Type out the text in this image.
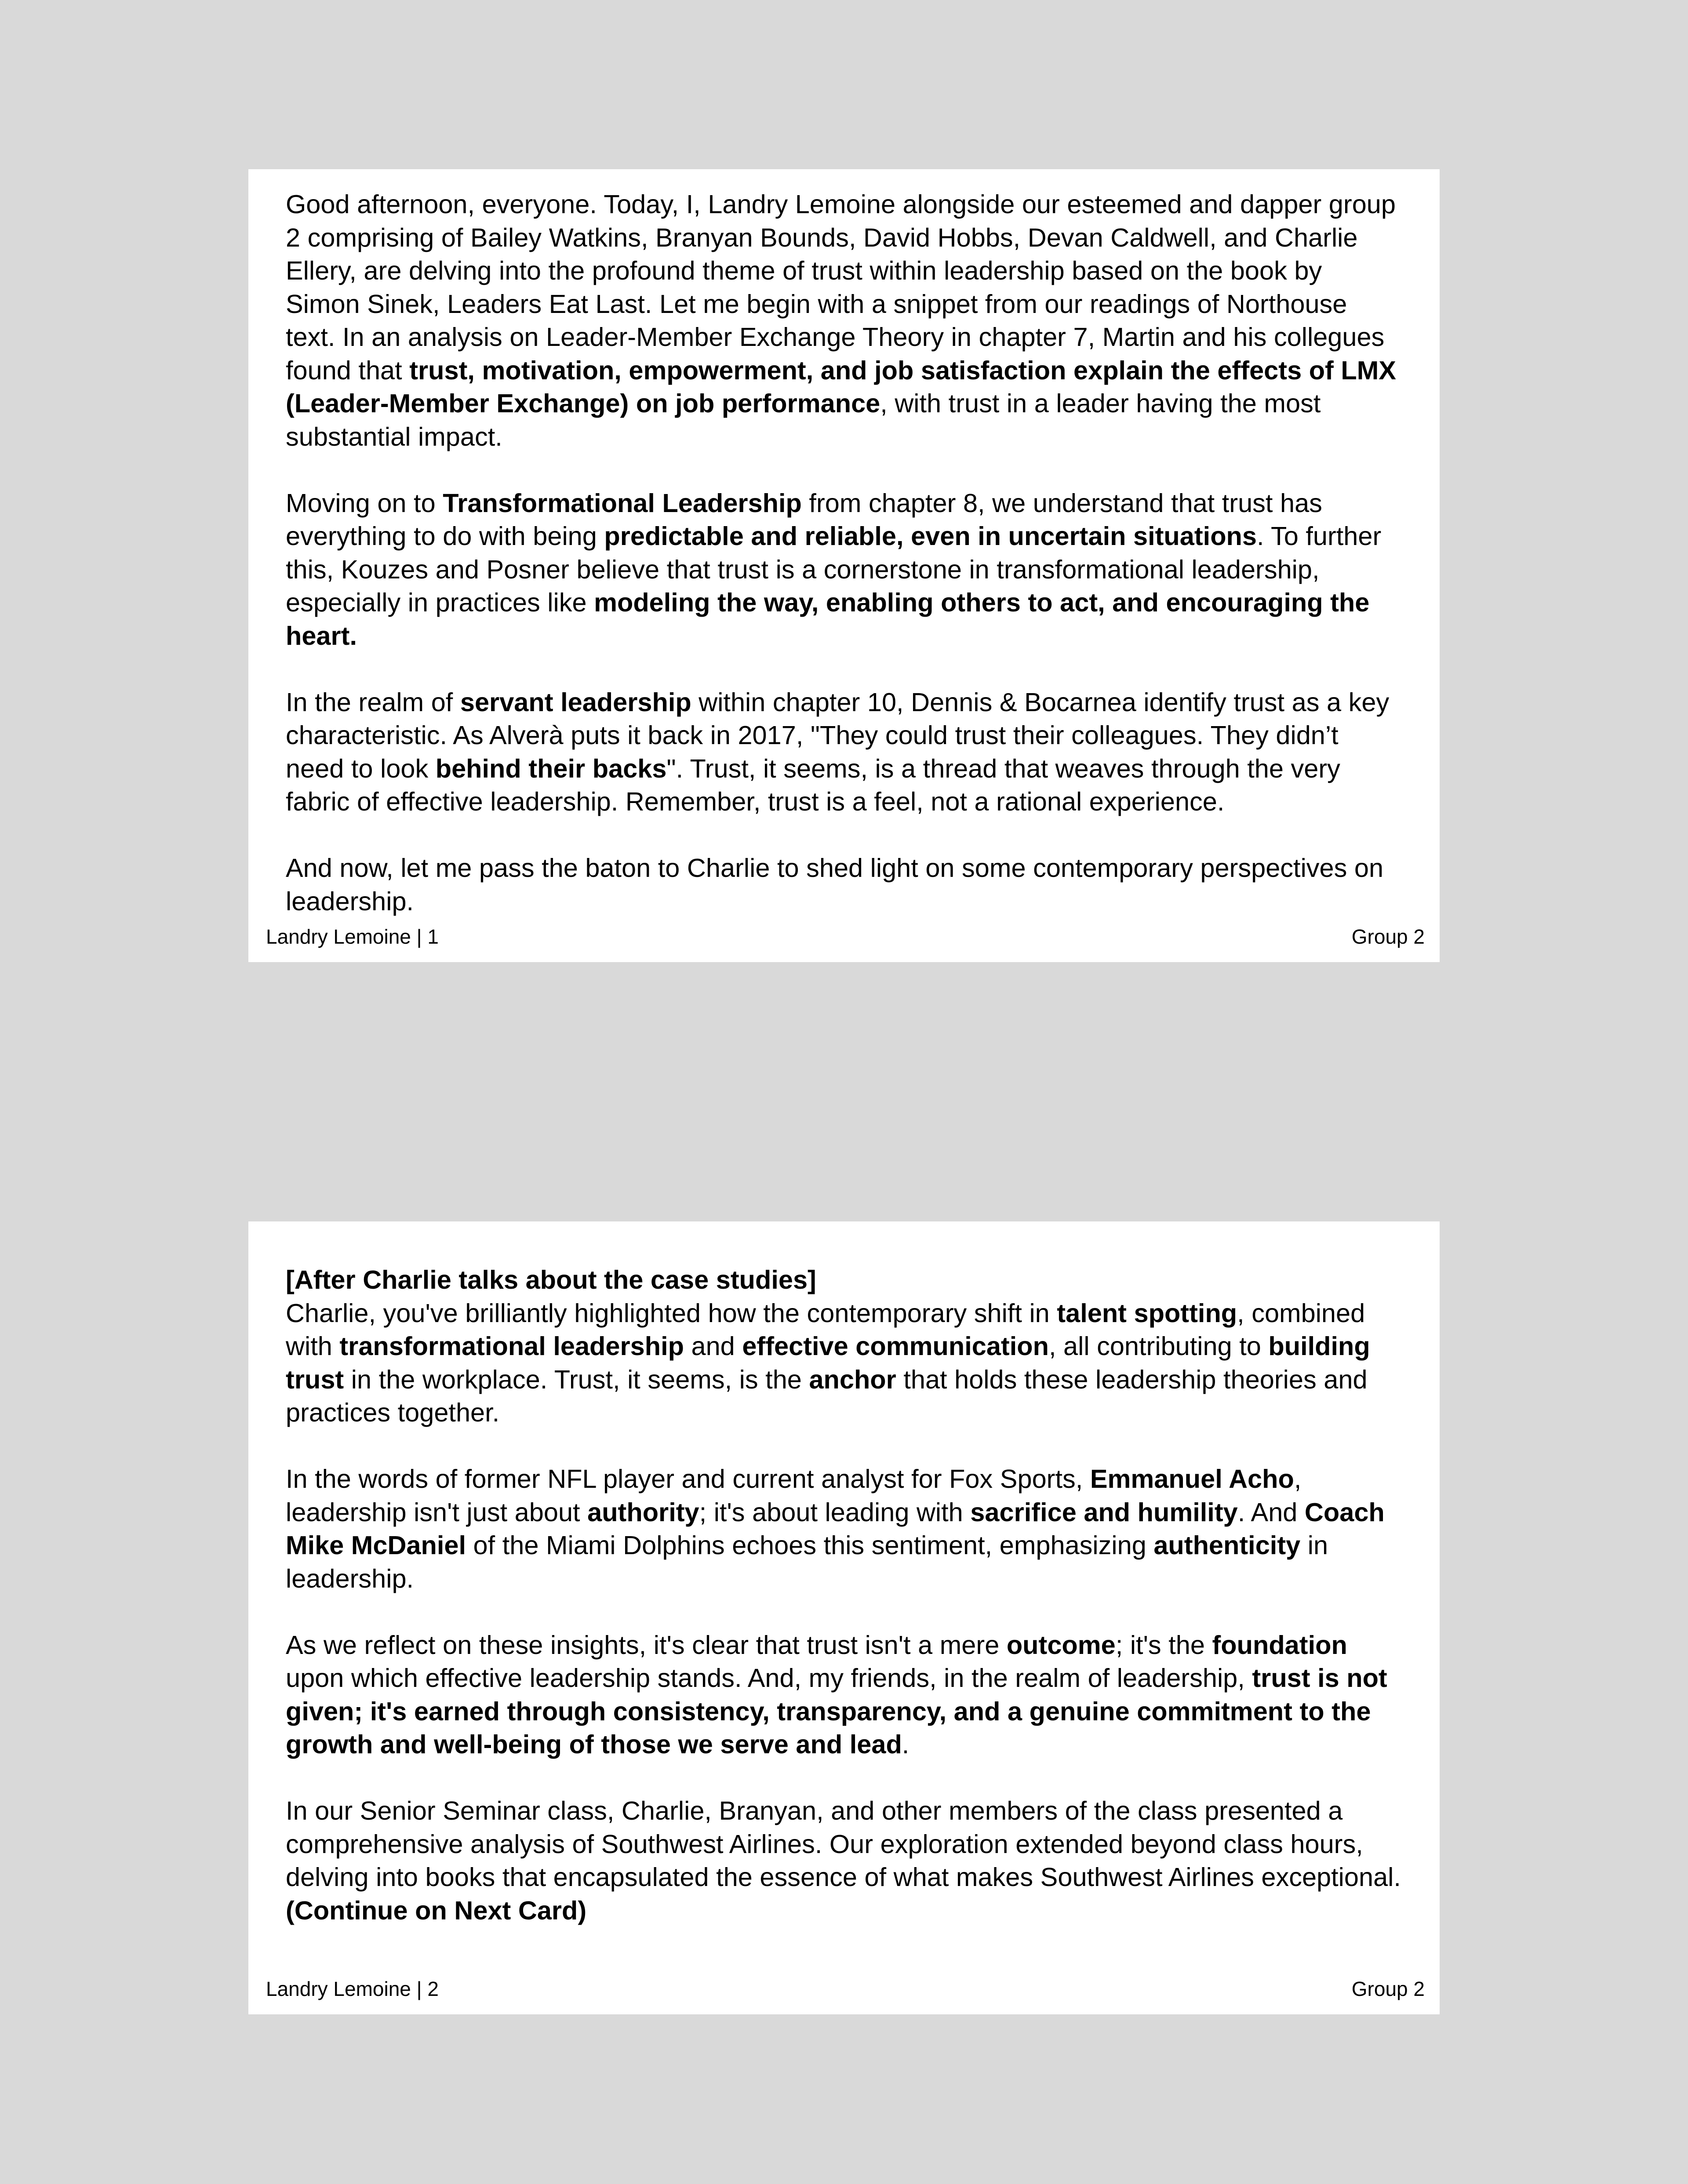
Good afternoon, everyone. Today, I, Landry Lemoine alongside our esteemed and dapper group 2 comprising of Bailey Watkins, Branyan Bounds, David Hobbs, Devan Caldwell, and Charlie Ellery, are delving into the profound theme of trust within leadership based on the book by Simon Sinek, Leaders Eat Last. Let me begin with a snippet from our readings of Northouse text. In an analysis on Leader-Member Exchange Theory in chapter 7, Martin and his collegues found that trust, motivation, empowerment, and job satisfaction explain the effects of LMX (Leader-Member Exchange) on job performance, with trust in a leader having the most substantial impact.

Moving on to Transformational Leadership from chapter 8, we understand that trust has everything to do with being predictable and reliable, even in uncertain situations. To further this, Kouzes and Posner believe that trust is a cornerstone in transformational leadership, especially in practices like modeling the way, enabling others to act, and encouraging the heart.

In the realm of servant leadership within chapter 10, Dennis & Bocarnea identify trust as a key characteristic. As Alverà puts it back in 2017, "They could trust their colleagues. They didn’t need to look behind their backs". Trust, it seems, is a thread that weaves through the very fabric of effective leadership. Remember, trust is a feel, not a rational experience.

And now, let me pass the baton to Charlie to shed light on some contemporary perspectives on leadership.

Landry Lemoine | 1	Group 2

[After Charlie talks about the case studies]
Charlie, you've brilliantly highlighted how the contemporary shift in talent spotting, combined with transformational leadership and effective communication, all contributing to building trust in the workplace. Trust, it seems, is the anchor that holds these leadership theories and practices together.

In the words of former NFL player and current analyst for Fox Sports, Emmanuel Acho, leadership isn't just about authority; it's about leading with sacrifice and humility. And Coach Mike McDaniel of the Miami Dolphins echoes this sentiment, emphasizing authenticity in leadership.

As we reflect on these insights, it's clear that trust isn't a mere outcome; it's the foundation upon which effective leadership stands. And, my friends, in the realm of leadership, trust is not given; it's earned through consistency, transparency, and a genuine commitment to the growth and well-being of those we serve and lead.

In our Senior Seminar class, Charlie, Branyan, and other members of the class presented a comprehensive analysis of Southwest Airlines. Our exploration extended beyond class hours, delving into books that encapsulated the essence of what makes Southwest Airlines exceptional.
(Continue on Next Card)

Landry Lemoine | 2	Group 2
